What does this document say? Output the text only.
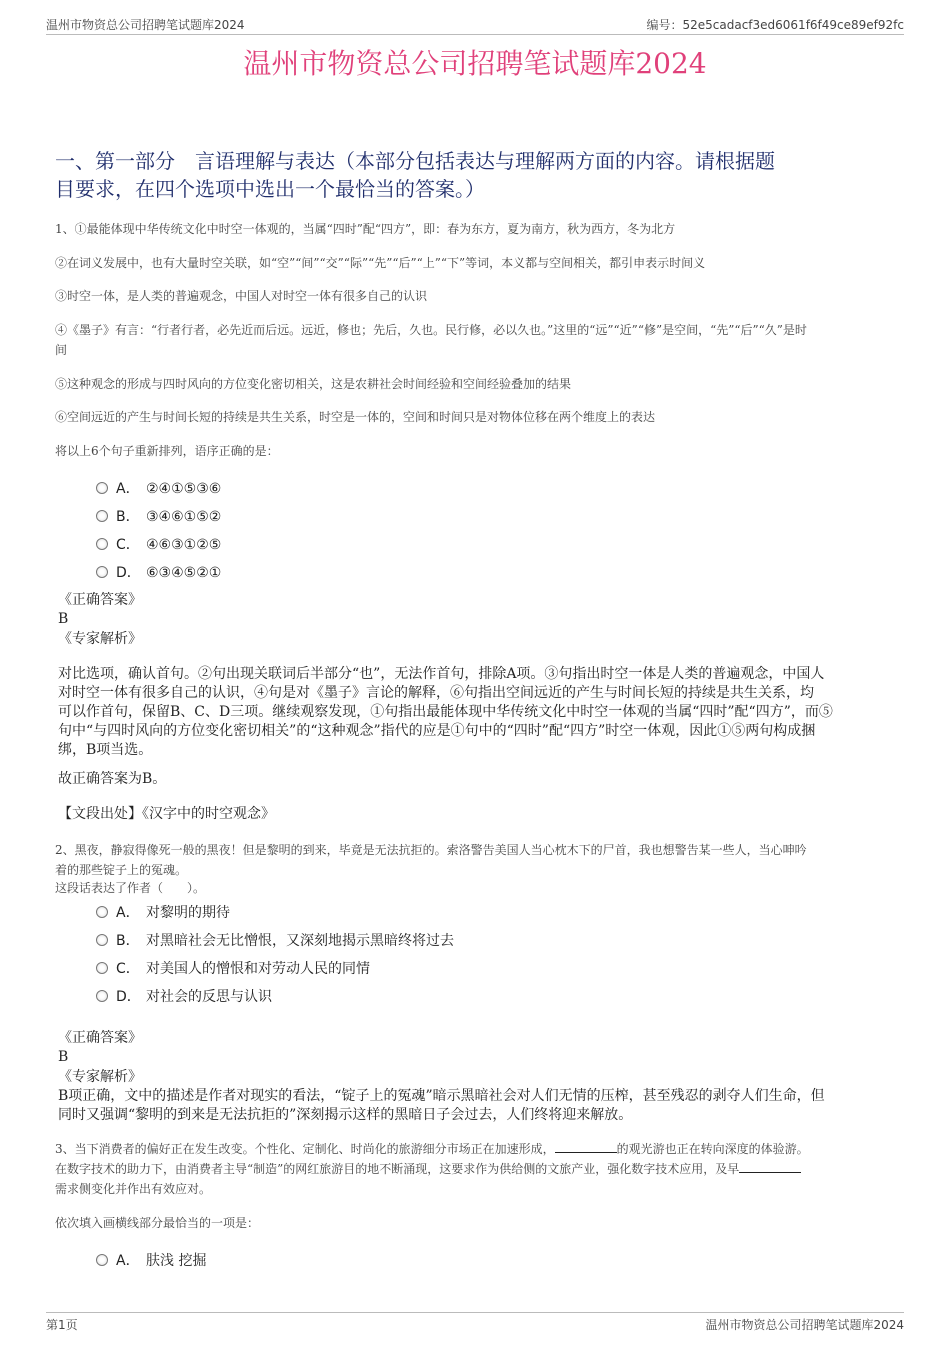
温州市物资总公司招聘笔试题库2024	编号：52e5cadacf3ed6061f6f49ce89ef92fc
温州市物资总公司招聘笔试题库2024
一、第一部分　言语理解与表达（本部分包括表达与理解两方面的内容。请根据题
目要求，在四个选项中选出一个最恰当的答案。）
1、①最能体现中华传统文化中时空一体观的，当属“四时”配“四方”，即：春为东方，夏为南方，秋为西方，冬为北方
②在词义发展中，也有大量时空关联，如“空”“间”“交”“际”“先”“后”“上”“下”等词，本义都与空间相关，都引申表示时间义
③时空一体，是人类的普遍观念，中国人对时空一体有很多自己的认识
④《墨子》有言：“行者行者，必先近而后远。远近，修也；先后，久也。民行修，必以久也。”这里的“远”“近”“修”是空间，“先”“后”“久”是时
间
⑤这种观念的形成与四时风向的方位变化密切相关，这是农耕社会时间经验和空间经验叠加的结果
⑥空间远近的产生与时间长短的持续是共生关系，时空是一体的，空间和时间只是对物体位移在两个维度上的表达
将以上6个句子重新排列，语序正确的是：
A． ②④①⑤③⑥
B． ③④⑥①⑤②
C． ④⑥③①②⑤
D． ⑥③④⑤②①
《正确答案》
B
《专家解析》
对比选项，确认首句。②句出现关联词后半部分“也”，无法作首句，排除A项。③句指出时空一体是人类的普遍观念，中国人
对时空一体有很多自己的认识，④句是对《墨子》言论的解释，⑥句指出空间远近的产生与时间长短的持续是共生关系，均
可以作首句，保留B、C、D三项。继续观察发现，①句指出最能体现中华传统文化中时空一体观的当属“四时”配“四方”，而⑤
句中“与四时风向的方位变化密切相关”的“这种观念”指代的应是①句中的“四时”配“四方”时空一体观，因此①⑤两句构成捆
绑，B项当选。
故正确答案为B。
【文段出处】《汉字中的时空观念》
2、黑夜，静寂得像死一般的黑夜！但是黎明的到来，毕竟是无法抗拒的。索洛警告美国人当心枕木下的尸首，我也想警告某一些人，当心呻吟
着的那些锭子上的冤魂。
这段话表达了作者（　　）。
A． 对黎明的期待
B． 对黑暗社会无比憎恨，又深刻地揭示黑暗终将过去
C． 对美国人的憎恨和对劳动人民的同情
D． 对社会的反思与认识
《正确答案》
B
《专家解析》
B项正确，文中的描述是作者对现实的看法，“锭子上的冤魂”暗示黑暗社会对人们无情的压榨，甚至残忍的剥夺人们生命，但
同时又强调“黎明的到来是无法抗拒的”深刻揭示这样的黑暗日子会过去，人们终将迎来解放。
3、当下消费者的偏好正在发生改变。个性化、定制化、时尚化的旅游细分市场正在加速形成，	的观光游也正在转向深度的体验游。
在数字技术的助力下，由消费者主导“制造”的网红旅游目的地不断涌现，这要求作为供给侧的文旅产业，强化数字技术应用，及早
需求侧变化并作出有效应对。
依次填入画横线部分最恰当的一项是：
A． 肤浅 挖掘
第1页	温州市物资总公司招聘笔试题库2024
